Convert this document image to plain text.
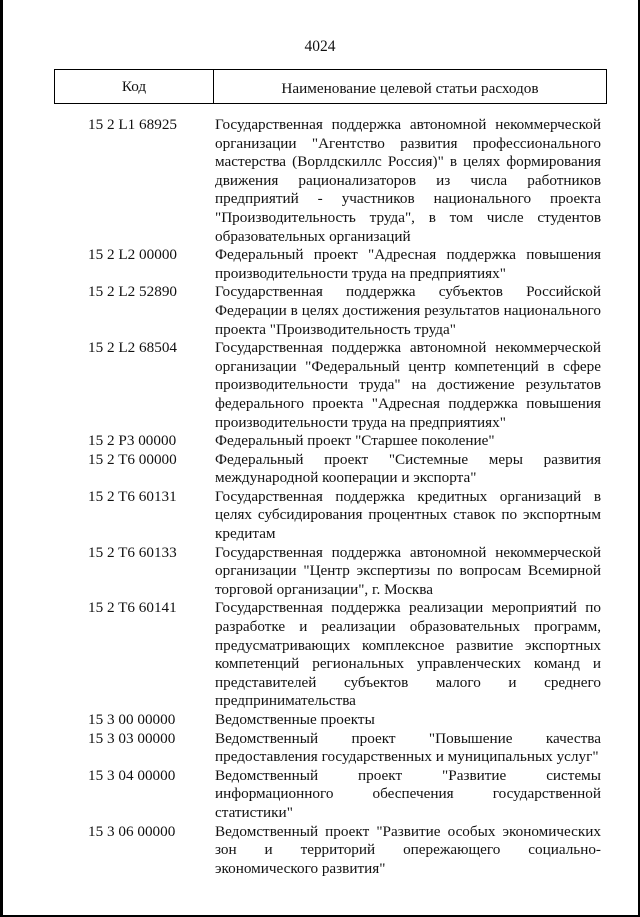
4024
Код	Наименование целевой статьи расходов
15 2 L1 68925	Государственная поддержка автономной некоммерческой организации "Агентство развития профессионального мастерства (Ворлдскиллс Россия)" в целях формирования движения рационализаторов из числа работников предприятий - участников национального проекта "Производительность труда", в том числе студентов образовательных организаций
15 2 L2 00000	Федеральный проект "Адресная поддержка повышения производительности труда на предприятиях"
15 2 L2 52890	Государственная поддержка субъектов Российской Федерации в целях достижения результатов национального проекта "Производительность труда"
15 2 L2 68504	Государственная поддержка автономной некоммерческой организации "Федеральный центр компетенций в сфере производительности труда" на достижение результатов федерального проекта "Адресная поддержка повышения производительности труда на предприятиях"
15 2 P3 00000	Федеральный проект "Старшее поколение"
15 2 T6 00000	Федеральный проект "Системные меры развития международной кооперации и экспорта"
15 2 T6 60131	Государственная поддержка кредитных организаций в целях субсидирования процентных ставок по экспортным кредитам
15 2 T6 60133	Государственная поддержка автономной некоммерческой организации "Центр экспертизы по вопросам Всемирной торговой организации", г. Москва
15 2 T6 60141	Государственная поддержка реализации мероприятий по разработке и реализации образовательных программ, предусматривающих комплексное развитие экспортных компетенций региональных управленческих команд и представителей субъектов малого и среднего предпринимательства
15 3 00 00000	Ведомственные проекты
15 3 03 00000	Ведомственный проект "Повышение качества предоставления государственных и муниципальных услуг"
15 3 04 00000	Ведомственный проект "Развитие системы информационного обеспечения государственной статистики"
15 3 06 00000	Ведомственный проект "Развитие особых экономических зон и территорий опережающего социально-экономического развития"
